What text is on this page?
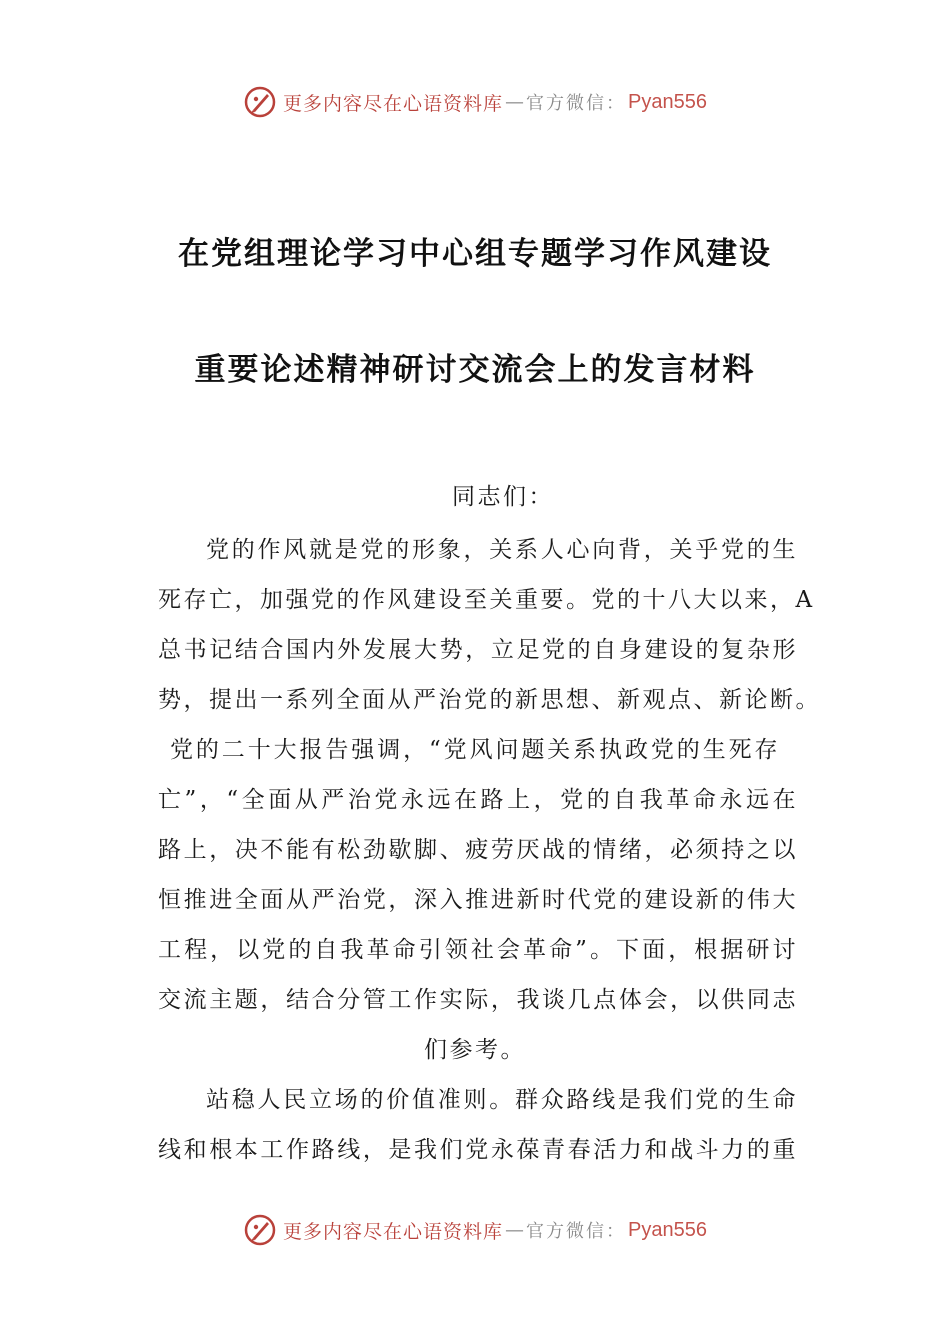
更多内容尽在心语资料库 — 官方微信： Pyan556
在党组理论学习中心组专题学习作风建设
重要论述精神研讨交流会上的发言材料
同志们：
党的作风就是党的形象，关系人心向背，关乎党的生
死存亡，加强党的作风建设至关重要。党的十八大以来，A
总书记结合国内外发展大势，立足党的自身建设的复杂形
势，提出一系列全面从严治党的新思想、新观点、新论断。
党的二十大报告强调，“党风问题关系执政党的生死存
亡”，“全面从严治党永远在路上，党的自我革命永远在
路上，决不能有松劲歇脚、疲劳厌战的情绪，必须持之以
恒推进全面从严治党，深入推进新时代党的建设新的伟大
工程，以党的自我革命引领社会革命”。下面，根据研讨
交流主题，结合分管工作实际，我谈几点体会，以供同志
们参考。
站稳人民立场的价值准则。群众路线是我们党的生命
线和根本工作路线，是我们党永葆青春活力和战斗力的重
更多内容尽在心语资料库 — 官方微信： Pyan556
